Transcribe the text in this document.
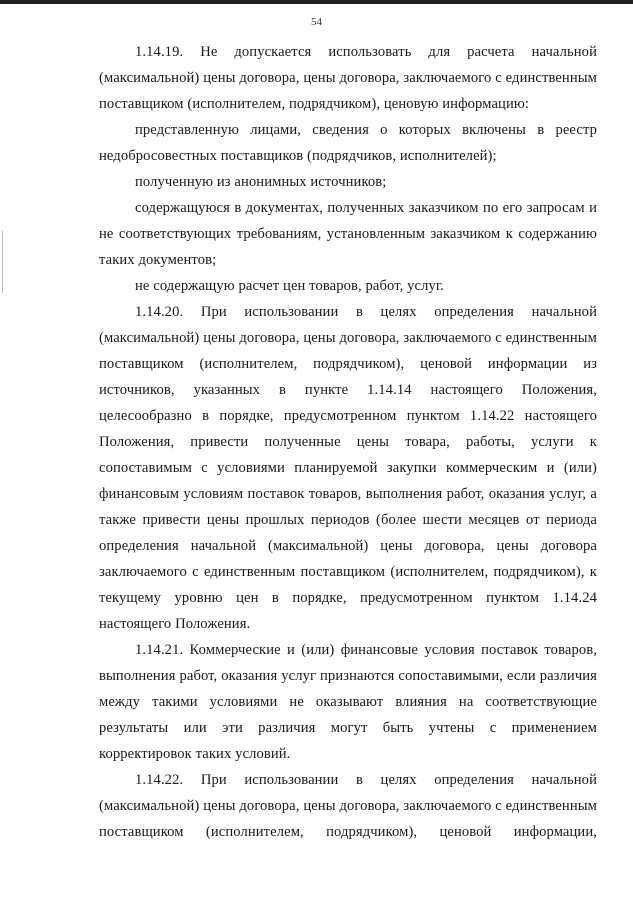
54

1.14.19. Не допускается использовать для расчета начальной (максимальной) цены договора, цены договора, заключаемого с единственным поставщиком (исполнителем, подрядчиком), ценовую информацию:

представленную лицами, сведения о которых включены в реестр недобросовестных поставщиков (подрядчиков, исполнителей);

полученную из анонимных источников;

содержащуюся в документах, полученных заказчиком по его запросам и не соответствующих требованиям, установленным заказчиком к содержанию таких документов;

не содержащую расчет цен товаров, работ, услуг.

1.14.20. При использовании в целях определения начальной (максимальной) цены договора, цены договора, заключаемого с единственным поставщиком (исполнителем, подрядчиком), ценовой информации из источников, указанных в пункте 1.14.14 настоящего Положения, целесообразно в порядке, предусмотренном пунктом 1.14.22 настоящего Положения, привести полученные цены товара, работы, услуги к сопоставимым с условиями планируемой закупки коммерческим и (или) финансовым условиям поставок товаров, выполнения работ, оказания услуг, а также привести цены прошлых периодов (более шести месяцев от периода определения начальной (максимальной) цены договора, цены договора заключаемого с единственным поставщиком (исполнителем, подрядчиком), к текущему уровню цен в порядке, предусмотренном пунктом 1.14.24 настоящего Положения.

1.14.21. Коммерческие и (или) финансовые условия поставок товаров, выполнения работ, оказания услуг признаются сопоставимыми, если различия между такими условиями не оказывают влияния на соответствующие результаты или эти различия могут быть учтены с применением корректировок таких условий.

1.14.22. При использовании в целях определения начальной (максимальной) цены договора, цены договора, заключаемого с единственным поставщиком (исполнителем, подрядчиком), ценовой информации,
